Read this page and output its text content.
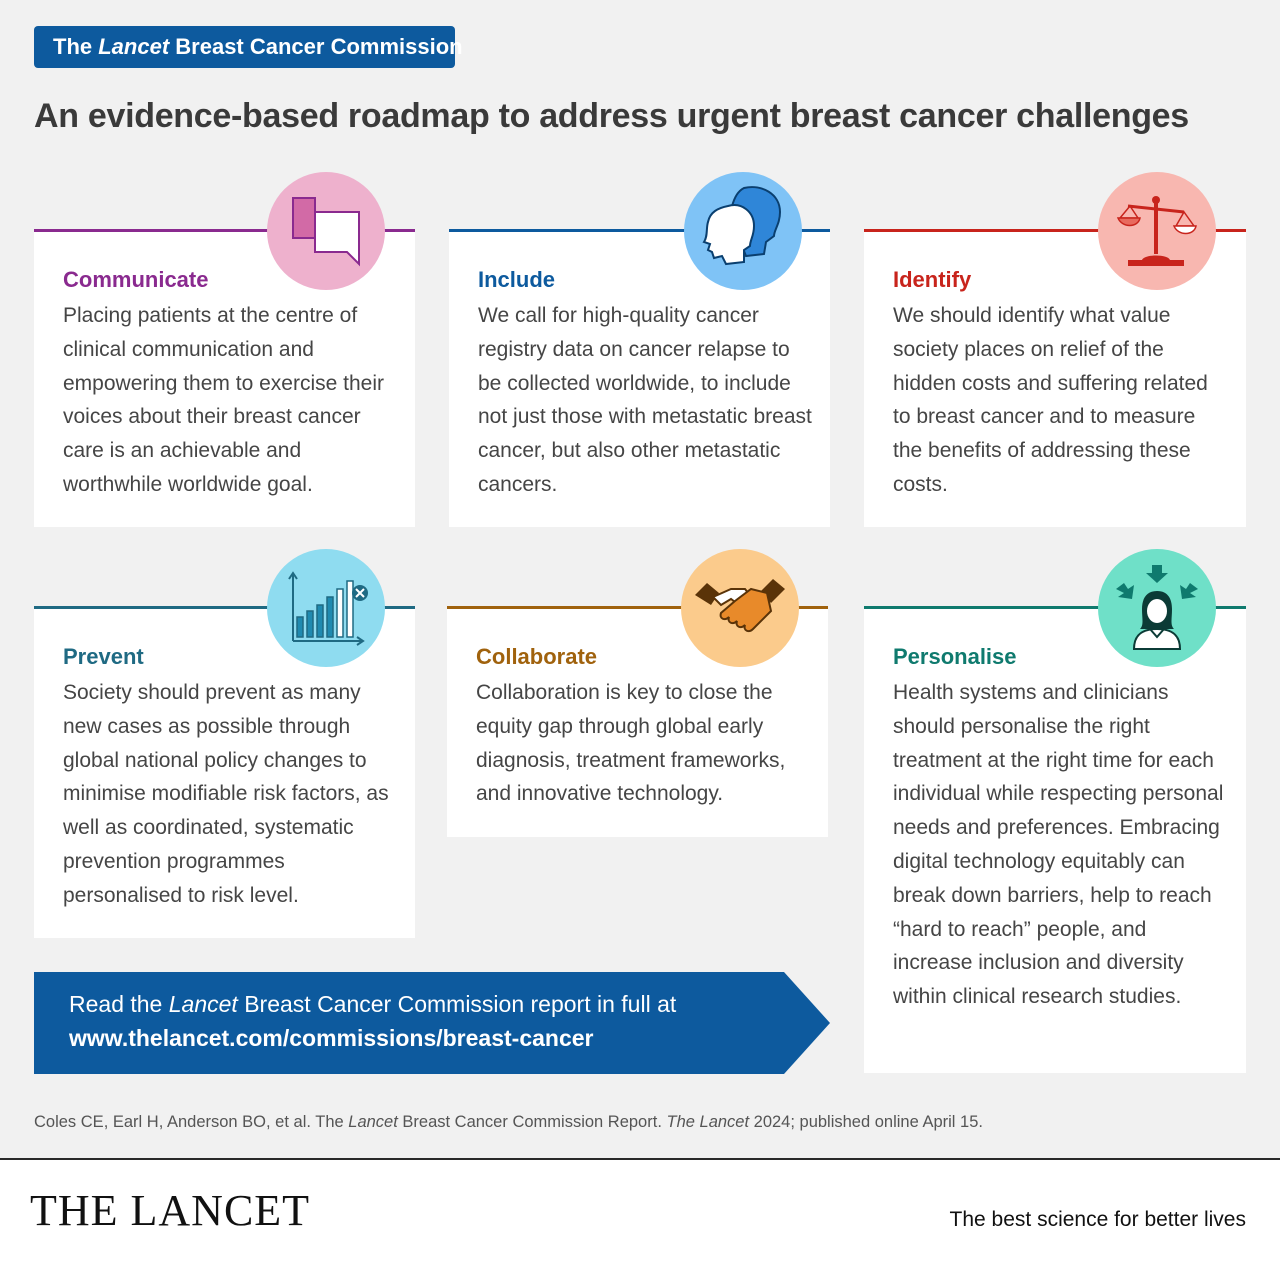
The Lancet Breast Cancer Commission
An evidence-based roadmap to address urgent breast cancer challenges
Communicate
Placing patients at the centre of clinical communication and empowering them to exercise their voices about their breast cancer care is an achievable and worthwhile worldwide goal.
Include
We call for high-quality cancer registry data on cancer relapse to be collected worldwide, to include not just those with metastatic breast cancer, but also other metastatic cancers.
Identify
We should identify what value society places on relief of the hidden costs and suffering related to breast cancer and to measure the benefits of addressing these costs.
Prevent
Society should prevent as many new cases as possible through global national policy changes to minimise modifiable risk factors, as well as coordinated, systematic prevention programmes personalised to risk level.
Collaborate
Collaboration is key to close the equity gap through global early diagnosis, treatment frameworks, and innovative technology.
Personalise
Health systems and clinicians should personalise the right treatment at the right time for each individual while respecting personal needs and preferences. Embracing digital technology equitably can break down barriers, help to reach “hard to reach” people, and increase inclusion and diversity within clinical research studies.
Read the Lancet Breast Cancer Commission report in full at
www.thelancet.com/commissions/breast-cancer
Coles CE, Earl H, Anderson BO, et al. The Lancet Breast Cancer Commission Report. The Lancet 2024; published online April 15.
THE LANCET	The best science for better lives
